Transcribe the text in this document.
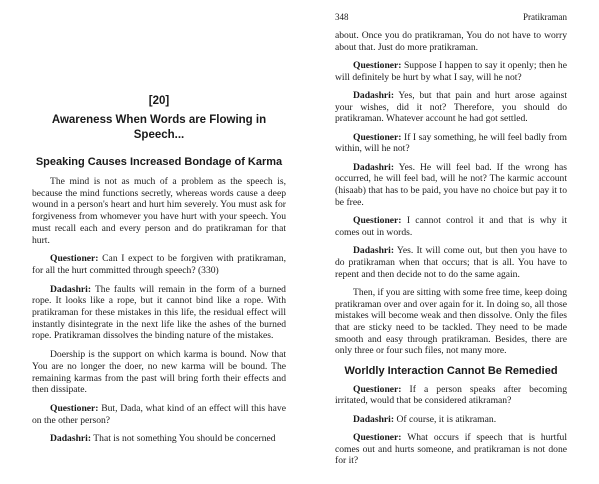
[20]
Awareness When Words are Flowing in Speech...
Speaking Causes Increased Bondage of Karma

The mind is not as much of a problem as the speech is, because the mind functions secretly, whereas words cause a deep wound in a person's heart and hurt him severely. You must ask for forgiveness from whomever you have hurt with your speech. You must recall each and every person and do pratikraman for that hurt.

Questioner: Can I expect to be forgiven with pratikraman, for all the hurt committed through speech? (330)

Dadashri: The faults will remain in the form of a burned rope. It looks like a rope, but it cannot bind like a rope. With pratikraman for these mistakes in this life, the residual effect will instantly disintegrate in the next life like the ashes of the burned rope. Pratikraman dissolves the binding nature of the mistakes.

Doership is the support on which karma is bound. Now that You are no longer the doer, no new karma will be bound. The remaining karmas from the past will bring forth their effects and then dissipate.

Questioner: But, Dada, what kind of an effect will this have on the other person?

Dadashri: That is not something You should be concerned

348	Pratikraman

about. Once you do pratikraman, You do not have to worry about that. Just do more pratikraman.

Questioner: Suppose I happen to say it openly; then he will definitely be hurt by what I say, will he not?

Dadashri: Yes, but that pain and hurt arose against your wishes, did it not? Therefore, you should do pratikraman. Whatever account he had got settled.

Questioner: If I say something, he will feel badly from within, will he not?

Dadashri: Yes. He will feel bad. If the wrong has occurred, he will feel bad, will he not? The karmic account (hisaab) that has to be paid, you have no choice but pay it to be free.

Questioner: I cannot control it and that is why it comes out in words.

Dadashri: Yes. It will come out, but then you have to do pratikraman when that occurs; that is all. You have to repent and then decide not to do the same again.

Then, if you are sitting with some free time, keep doing pratikraman over and over again for it. In doing so, all those mistakes will become weak and then dissolve. Only the files that are sticky need to be tackled. They need to be made smooth and easy through pratikraman. Besides, there are only three or four such files, not many more.

Worldly Interaction Cannot Be Remedied

Questioner: If a person speaks after becoming irritated, would that be considered atikraman?

Dadashri: Of course, it is atikraman.

Questioner: What occurs if speech that is hurtful comes out and hurts someone, and pratikraman is not done for it?
